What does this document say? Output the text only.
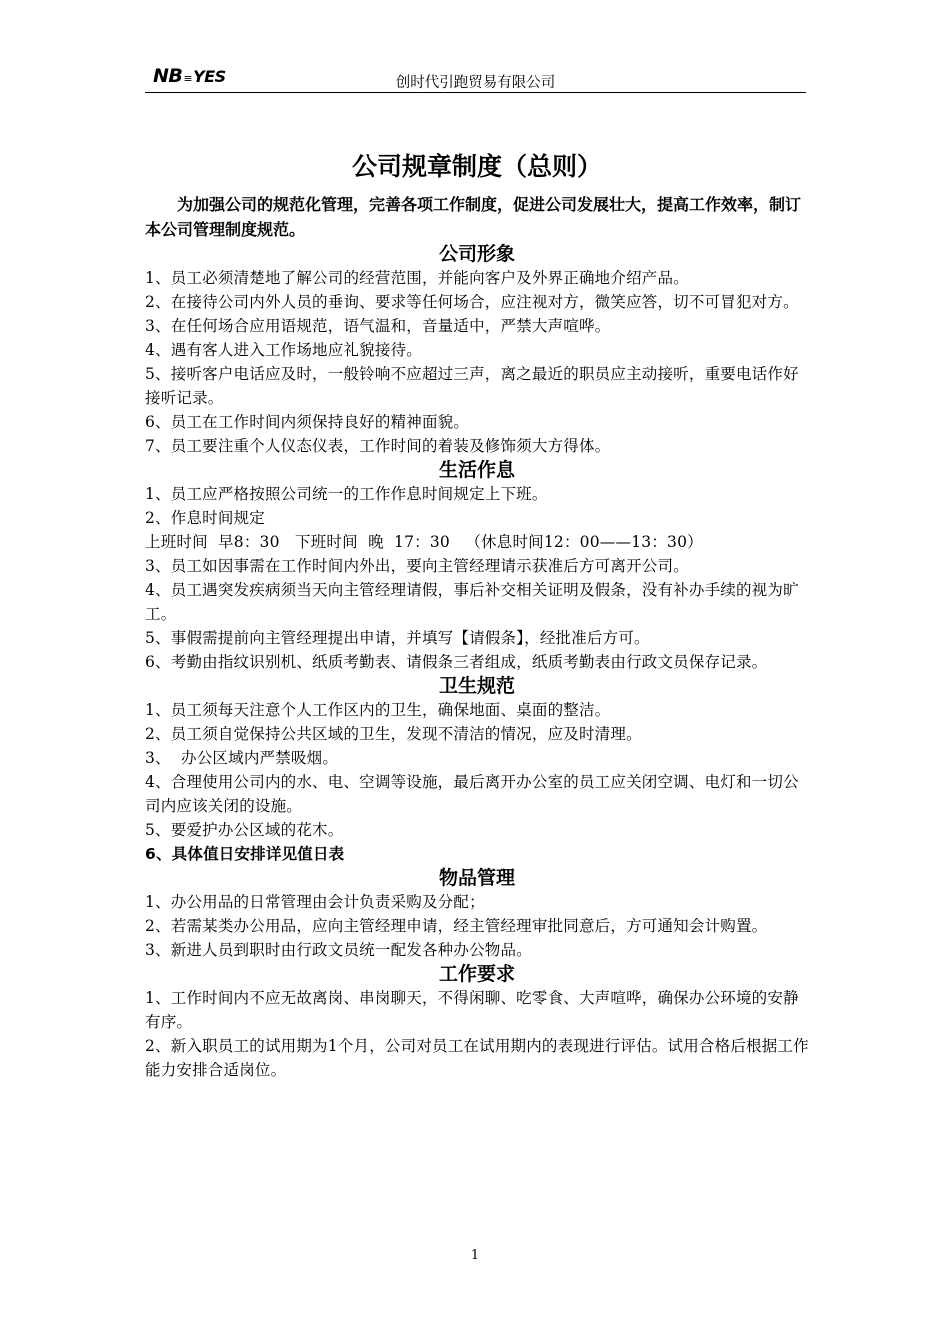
NB≡YES	创时代引跑贸易有限公司
公司规章制度（总则）

为加强公司的规范化管理，完善各项工作制度，促进公司发展壮大，提高工作效率，制订本公司管理制度规范。

公司形象

1、员工必须清楚地了解公司的经营范围，并能向客户及外界正确地介绍产品。

2、在接待公司内外人员的垂询、要求等任何场合，应注视对方，微笑应答，切不可冒犯对方。

3、在任何场合应用语规范，语气温和，音量适中，严禁大声喧哗。

4、遇有客人进入工作场地应礼貌接待。

5、接听客户电话应及时，一般铃响不应超过三声，离之最近的职员应主动接听，重要电话作好接听记录。

6、员工在工作时间内须保持良好的精神面貌。

7、员工要注重个人仪态仪表，工作时间的着装及修饰须大方得体。

生活作息

1、员工应严格按照公司统一的工作作息时间规定上下班。

2、作息时间规定

上班时间  早8：30   下班时间  晚  17：30   （休息时间12：00——13：30）

3、员工如因事需在工作时间内外出，要向主管经理请示获准后方可离开公司。

4、员工遇突发疾病须当天向主管经理请假，事后补交相关证明及假条，没有补办手续的视为旷工。

5、事假需提前向主管经理提出申请，并填写【请假条】，经批准后方可。

6、考勤由指纹识别机、纸质考勤表、请假条三者组成，纸质考勤表由行政文员保存记录。

卫生规范

1、员工须每天注意个人工作区内的卫生，确保地面、桌面的整洁。

2、员工须自觉保持公共区域的卫生，发现不清洁的情况，应及时清理。

3、  办公区域内严禁吸烟。

4、合理使用公司内的水、电、空调等设施，最后离开办公室的员工应关闭空调、电灯和一切公司内应该关闭的设施。

5、要爱护办公区域的花木。

6、具体值日安排详见值日表

物品管理

1、办公用品的日常管理由会计负责采购及分配；

2、若需某类办公用品，应向主管经理申请，经主管经理审批同意后，方可通知会计购置。

3、新进人员到职时由行政文员统一配发各种办公物品。

工作要求

1、工作时间内不应无故离岗、串岗聊天，不得闲聊、吃零食、大声喧哗，确保办公环境的安静有序。

2、新入职员工的试用期为1个月，公司对员工在试用期内的表现进行评估。试用合格后根据工作能力安排合适岗位。

1
